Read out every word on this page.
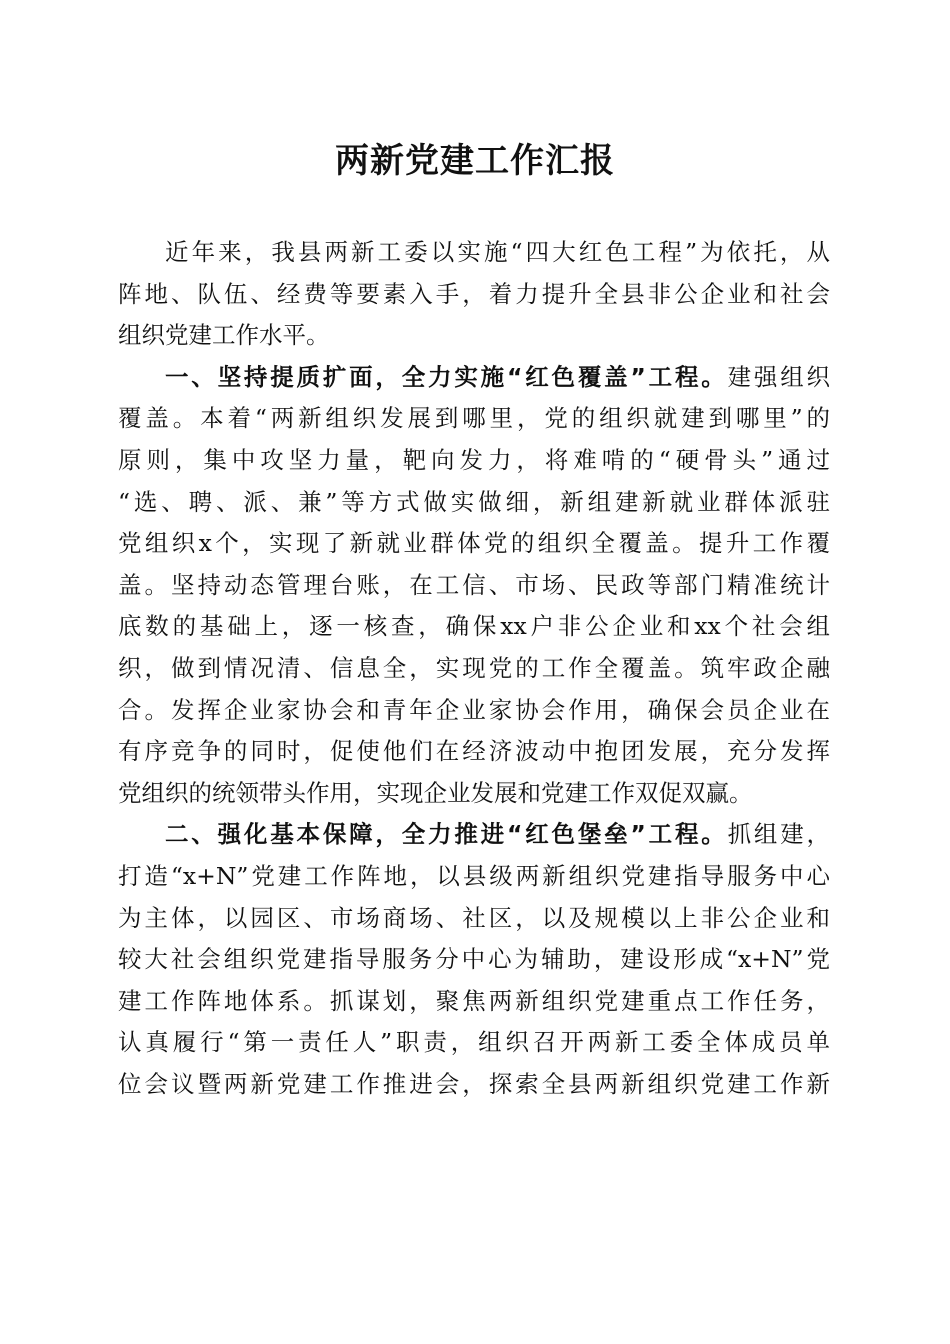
两新党建工作汇报
近年来，我县两新工委以实施“四大红色工程”为依托，从
阵地、队伍、经费等要素入手，着力提升全县非公企业和社会
组织党建工作水平。
一、坚持提质扩面，全力实施“红色覆盖”工程。建强组织
覆盖。本着“两新组织发展到哪里，党的组织就建到哪里”的
原则，集中攻坚力量，靶向发力，将难啃的“硬骨头”通过
“选、聘、派、兼”等方式做实做细，新组建新就业群体派驻
党组织x个，实现了新就业群体党的组织全覆盖。提升工作覆
盖。坚持动态管理台账，在工信、市场、民政等部门精准统计
底数的基础上，逐一核查，确保xx户非公企业和xx个社会组
织，做到情况清、信息全，实现党的工作全覆盖。筑牢政企融
合。发挥企业家协会和青年企业家协会作用，确保会员企业在
有序竞争的同时，促使他们在经济波动中抱团发展，充分发挥
党组织的统领带头作用，实现企业发展和党建工作双促双赢。
二、强化基本保障，全力推进“红色堡垒”工程。抓组建，
打造“x+N”党建工作阵地，以县级两新组织党建指导服务中心
为主体，以园区、市场商场、社区，以及规模以上非公企业和
较大社会组织党建指导服务分中心为辅助，建设形成“x+N”党
建工作阵地体系。抓谋划，聚焦两新组织党建重点工作任务，
认真履行“第一责任人”职责，组织召开两新工委全体成员单
位会议暨两新党建工作推进会，探索全县两新组织党建工作新
